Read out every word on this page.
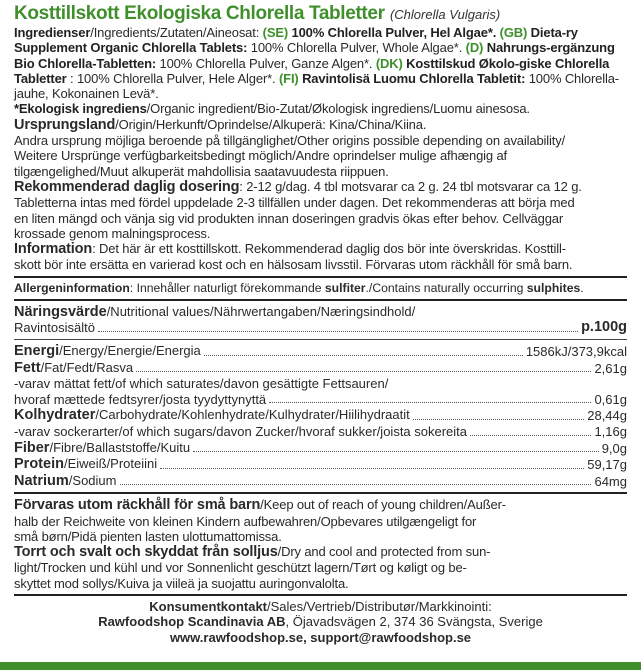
Kosttillskott Ekologiska Chlorella Tabletter (Chlorella Vulgaris)
Ingredienser/Ingredients/Zutaten/Aineosat: (SE) 100% Chlorella Pulver, Hel Algae*. (GB) Dieta-ry Supplement Organic Chlorella Tablets: 100% Chlorella Pulver, Whole Algae*. (D) Nahrungs-ergänzung Bio Chlorella-Tabletten: 100% Chlorella Pulver, Ganze Algen*. (DK) Kosttilskud Økolo-giske Chlorella Tabletter : 100% Chlorella Pulver, Hele Alger*. (FI) Ravintolisä Luomu Chlorella Tabletit: 100% Chlorella-jauhe, Kokonainen Levä*.
*Ekologisk ingrediens/Organic ingredient/Bio-Zutat/Økologisk ingrediens/Luomu ainesosa.
Ursprungsland/Origin/Herkunft/Oprindelse/Alkuperä: Kina/China/Kiina.
Andra ursprung möjliga beroende på tillgänglighet/Other origins possible depending on availability/
Weitere Ursprünge verfügbarkeitsbedingt möglich/Andre oprindelser mulige afhængig af
tilgængelighed/Muut alkuperät mahdollisia saatavuudesta riippuen.
Rekommenderad daglig dosering: 2-12 g/dag. 4 tbl motsvarar ca 2 g. 24 tbl motsvarar ca 12 g.
Tabletterna intas med fördel uppdelade 2-3 tillfällen under dagen. Det rekommenderas att börja med
en liten mängd och vänja sig vid produkten innan doseringen gradvis ökas efter behov. Cellväggar
krossade genom malningsprocess.
Information: Det här är ett kosttillskott. Rekommenderad daglig dos bör inte överskridas. Kosttill-
skott bör inte ersätta en varierad kost och en hälsosam livsstil. Förvaras utom räckhåll för små barn.
Allergeninformation: Innehåller naturligt förekommande sulfiter./Contains naturally occurring sulphites.
Näringsvärde/Nutritional values/Nährwertangaben/Næringsindhold/
Ravintosisältö	p.100g
Energi/Energy/Energie/Energia	1586kJ/373,9kcal
Fett/Fat/Fedt/Rasva	2,61g
-varav mättat fett/of which saturates/davon gesättigte Fettsauren/
hvoraf mættede fedtsyrer/josta tyydyttynyttä	0,61g
Kolhydrater/Carbohydrate/Kohlenhydrate/Kulhydrater/Hiilihydraatit	28,44g
-varav sockerarter/of which sugars/davon Zucker/hvoraf sukker/joista sokereita	1,16g
Fiber/Fibre/Ballaststoffe/Kuitu	9,0g
Protein/Eiweiß/Proteiini	59,17g
Natrium/Sodium	64mg
Förvaras utom räckhåll för små barn/Keep out of reach of young children/Außer-
halb der Reichweite von kleinen Kindern aufbewahren/Opbevares utilgængeligt for
små børn/Pidä pienten lasten ulottumattomissa.
Torrt och svalt och skyddat från solljus/Dry and cool and protected from sun-
light/Trocken und kühl und vor Sonnenlicht geschützt lagern/Tørt og køligt og be-
skyttet mod sollys/Kuiva ja viileä ja suojattu auringonvalolta.
Konsumentkontakt/Sales/Vertrieb/Distributør/Markkinointi:
Rawfoodshop Scandinavia AB, Öjavadsvägen 2, 374 36 Svängsta, Sverige
www.rawfoodshop.se, support@rawfoodshop.se
